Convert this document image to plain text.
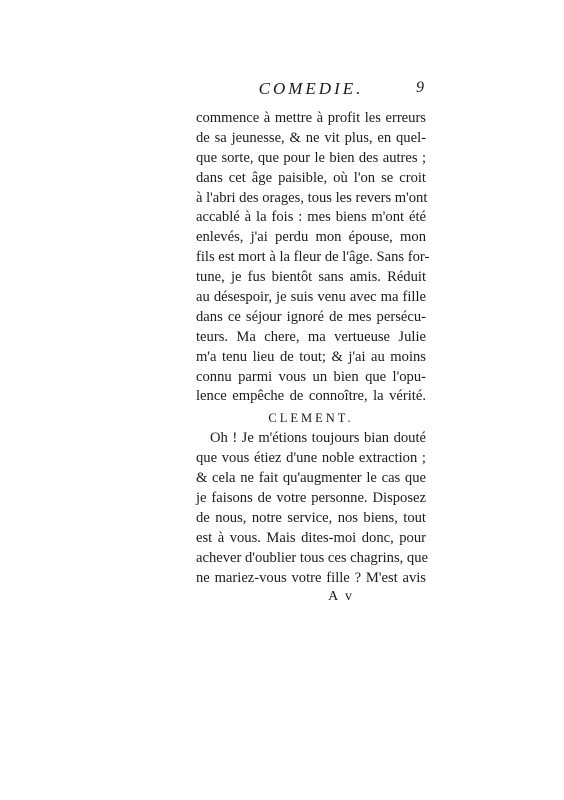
COMEDIE.	9
commence à mettre à profit les erreurs
de sa jeunesse, & ne vit plus, en quel-
que sorte, que pour le bien des autres ;
dans cet âge paisible, où l'on se croit
à l'abri des orages, tous les revers m'ont
accablé à la fois : mes biens m'ont été
enlevés, j'ai perdu mon épouse, mon
fils est mort à la fleur de l'âge. Sans for-
tune, je fus bientôt sans amis. Réduit
au désespoir, je suis venu avec ma fille
dans ce séjour ignoré de mes persécu-
teurs. Ma chere, ma vertueuse Julie
m'a tenu lieu de tout; & j'ai au moins
connu parmi vous un bien que l'opu-
lence empêche de connoître, la vérité.
CLEMENT.
Oh ! Je m'étions toujours bian douté
que vous étiez d'une noble extraction ;
& cela ne fait qu'augmenter le cas que
je faisons de votre personne. Disposez
de nous, notre service, nos biens, tout
est à vous. Mais dites-moi donc, pour
achever d'oublier tous ces chagrins, que
ne mariez-vous votre fille ? M'est avis
A v
